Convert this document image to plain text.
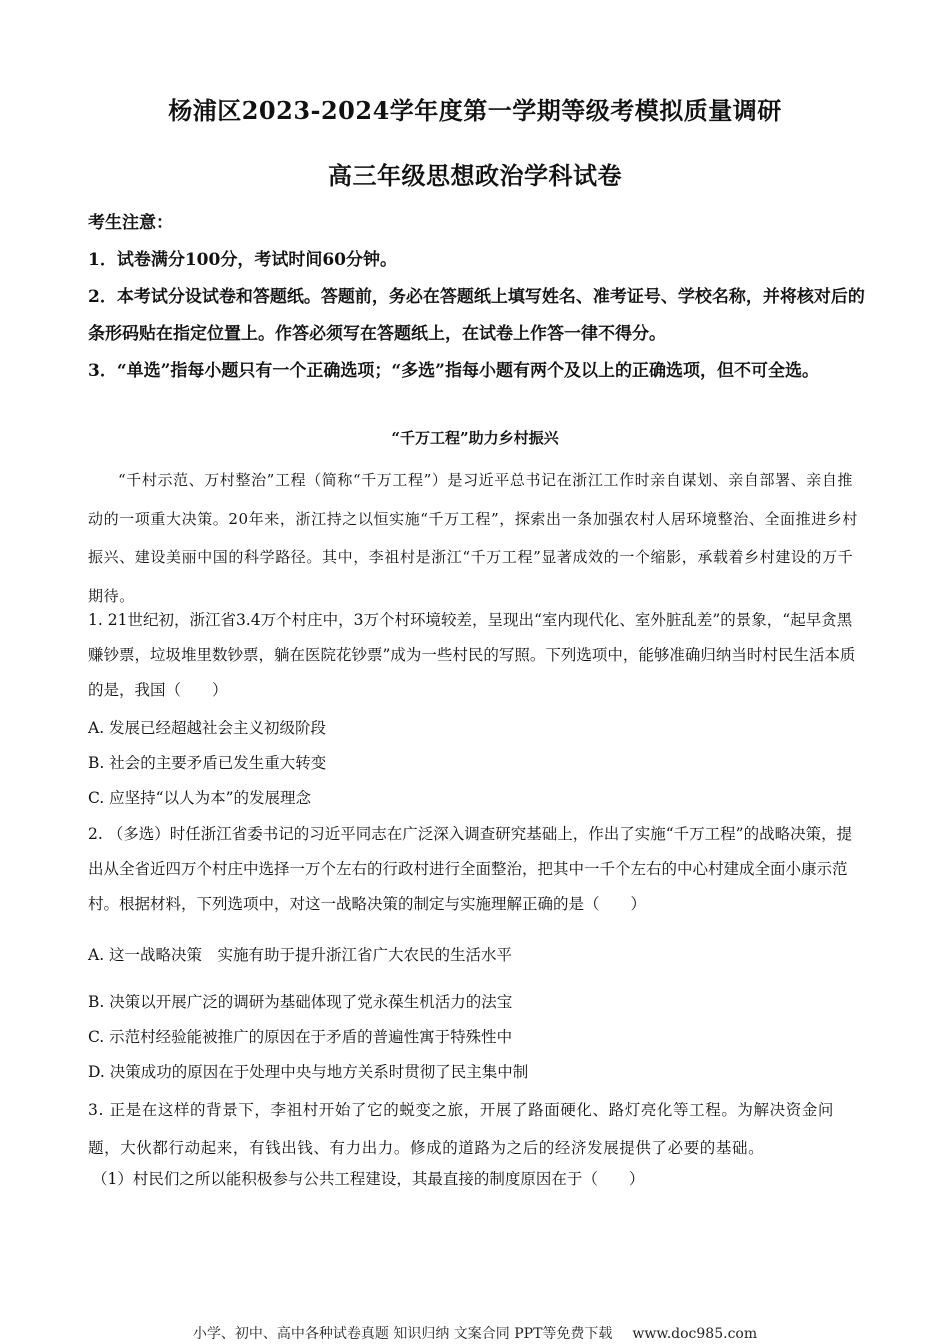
杨浦区2023-2024学年度第一学期等级考模拟质量调研
高三年级思想政治学科试卷

考生注意：

1．试卷满分100分，考试时间60分钟。

2．本考试分设试卷和答题纸。答题前，务必在答题纸上填写姓名、准考证号、学校名称，并将核对后的条形码贴在指定位置上。作答必须写在答题纸上，在试卷上作答一律不得分。

3．“单选”指每小题只有一个正确选项；“多选”指每小题有两个及以上的正确选项，但不可全选。

“千万工程”助力乡村振兴

“千村示范、万村整治”工程（简称“千万工程”）是习近平总书记在浙江工作时亲自谋划、亲自部署、亲自推动的一项重大决策。20年来，浙江持之以恒实施“千万工程”，探索出一条加强农村人居环境整治、全面推进乡村振兴、建设美丽中国的科学路径。其中，李祖村是浙江“千万工程”显著成效的一个缩影，承载着乡村建设的万千期待。

1. 21世纪初，浙江省3.4万个村庄中，3万个村环境较差，呈现出“室内现代化、室外脏乱差”的景象，“起早贪黑赚钞票，垃圾堆里数钞票，躺在医院花钞票”成为一些村民的写照。下列选项中，能够准确归纳当时村民生活本质的是，我国（　　）

A. 发展已经超越社会主义初级阶段

B. 社会的主要矛盾已发生重大转变

C. 应坚持“以人为本”的发展理念

2. （多选）时任浙江省委书记的习近平同志在广泛深入调查研究基础上，作出了实施“千万工程”的战略决策，提出从全省近四万个村庄中选择一万个左右的行政村进行全面整治，把其中一千个左右的中心村建成全面小康示范村。根据材料，下列选项中，对这一战略决策的制定与实施理解正确的是（　　）

A. 这一战略决策　实施有助于提升浙江省广大农民的生活水平

B. 决策以开展广泛的调研为基础体现了党永葆生机活力的法宝

C. 示范村经验能被推广的原因在于矛盾的普遍性寓于特殊性中

D. 决策成功的原因在于处理中央与地方关系时贯彻了民主集中制

3. 正是在这样的背景下，李祖村开始了它的蜕变之旅，开展了路面硬化、路灯亮化等工程。为解决资金问题，大伙都行动起来，有钱出钱、有力出力。修成的道路为之后的经济发展提供了必要的基础。

（1）村民们之所以能积极参与公共工程建设，其最直接的制度原因在于（　　）

小学、初中、高中各种试卷真题 知识归纳 文案合同 PPT等免费下载 www.doc985.com
